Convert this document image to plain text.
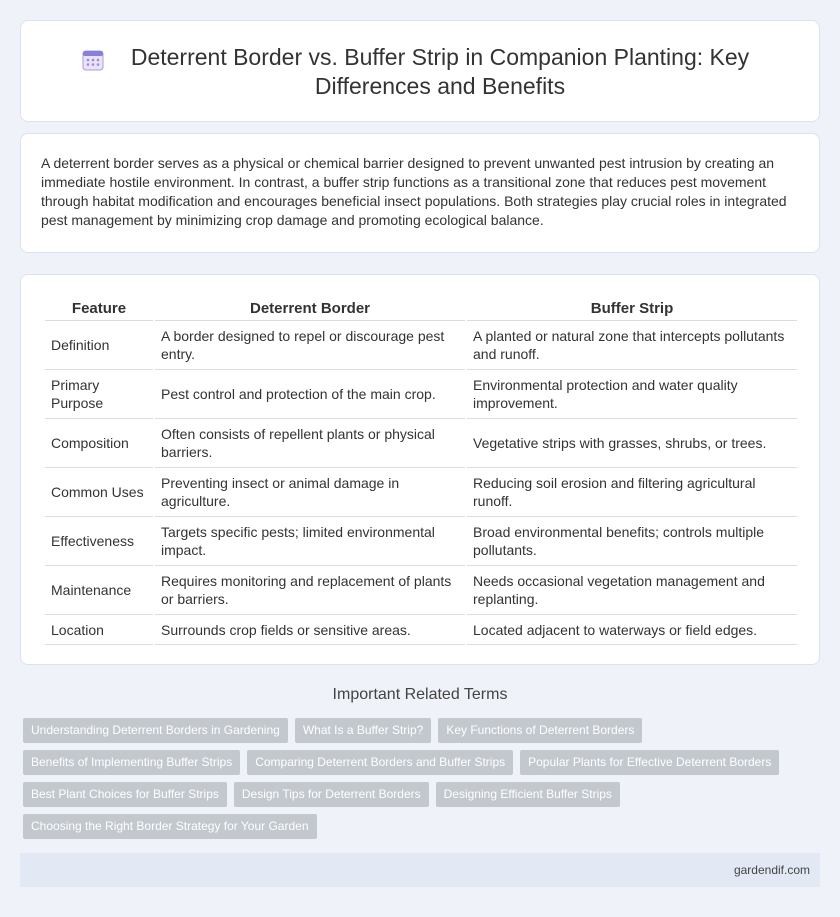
Deterrent Border vs. Buffer Strip in Companion Planting: Key Differences and Benefits

A deterrent border serves as a physical or chemical barrier designed to prevent unwanted pest intrusion by creating an immediate hostile environment. In contrast, a buffer strip functions as a transitional zone that reduces pest movement through habitat modification and encourages beneficial insect populations. Both strategies play crucial roles in integrated pest management by minimizing crop damage and promoting ecological balance.

Feature	Deterrent Border	Buffer Strip
Definition	A border designed to repel or discourage pest entry.	A planted or natural zone that intercepts pollutants and runoff.
Primary Purpose	Pest control and protection of the main crop.	Environmental protection and water quality improvement.
Composition	Often consists of repellent plants or physical barriers.	Vegetative strips with grasses, shrubs, or trees.
Common Uses	Preventing insect or animal damage in agriculture.	Reducing soil erosion and filtering agricultural runoff.
Effectiveness	Targets specific pests; limited environmental impact.	Broad environmental benefits; controls multiple pollutants.
Maintenance	Requires monitoring and replacement of plants or barriers.	Needs occasional vegetation management and replanting.
Location	Surrounds crop fields or sensitive areas.	Located adjacent to waterways or field edges.
Important Related Terms
Understanding Deterrent Borders in Gardening	What Is a Buffer Strip?	Key Functions of Deterrent Borders
Benefits of Implementing Buffer Strips	Comparing Deterrent Borders and Buffer Strips	Popular Plants for Effective Deterrent Borders
Best Plant Choices for Buffer Strips	Design Tips for Deterrent Borders	Designing Efficient Buffer Strips
Choosing the Right Border Strategy for Your Garden
gardendif.com
